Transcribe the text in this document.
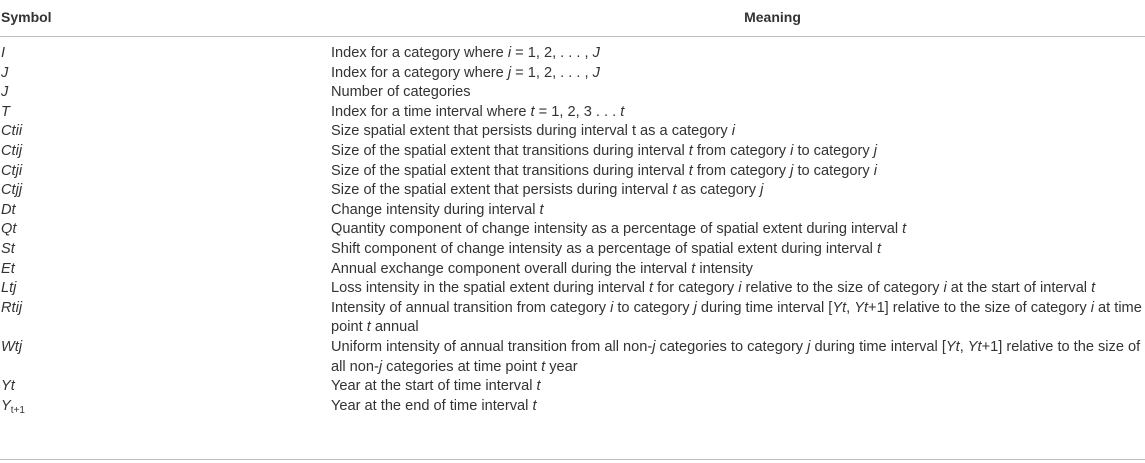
Symbol	Meaning
I	Index for a category where i = 1, 2, . . . , J
J	Index for a category where j = 1, 2, . . . , J
J	Number of categories
T	Index for a time interval where t = 1, 2, 3 . . . t
Ctii	Size spatial extent that persists during interval t as a category i
Ctij	Size of the spatial extent that transitions during interval t from category i to category j
Ctji	Size of the spatial extent that transitions during interval t from category j to category i
Ctjj	Size of the spatial extent that persists during interval t as category j
Dt	Change intensity during interval t
Qt	Quantity component of change intensity as a percentage of spatial extent during interval t
St	Shift component of change intensity as a percentage of spatial extent during interval t
Et	Annual exchange component overall during the interval t intensity
Ltj	Loss intensity in the spatial extent during interval t for category i relative to the size of category i at the start of interval t
Rtij	Intensity of annual transition from category i to category j during time interval [Yt, Yt+1] relative to the size of category i at time point t annual
Wtj	Uniform intensity of annual transition from all non-j categories to category j during time interval [Yt, Yt+1] relative to the size of all non-j categories at time point t year
Yt	Year at the start of time interval t
$Y_{t+1}$	Year at the end of time interval t
